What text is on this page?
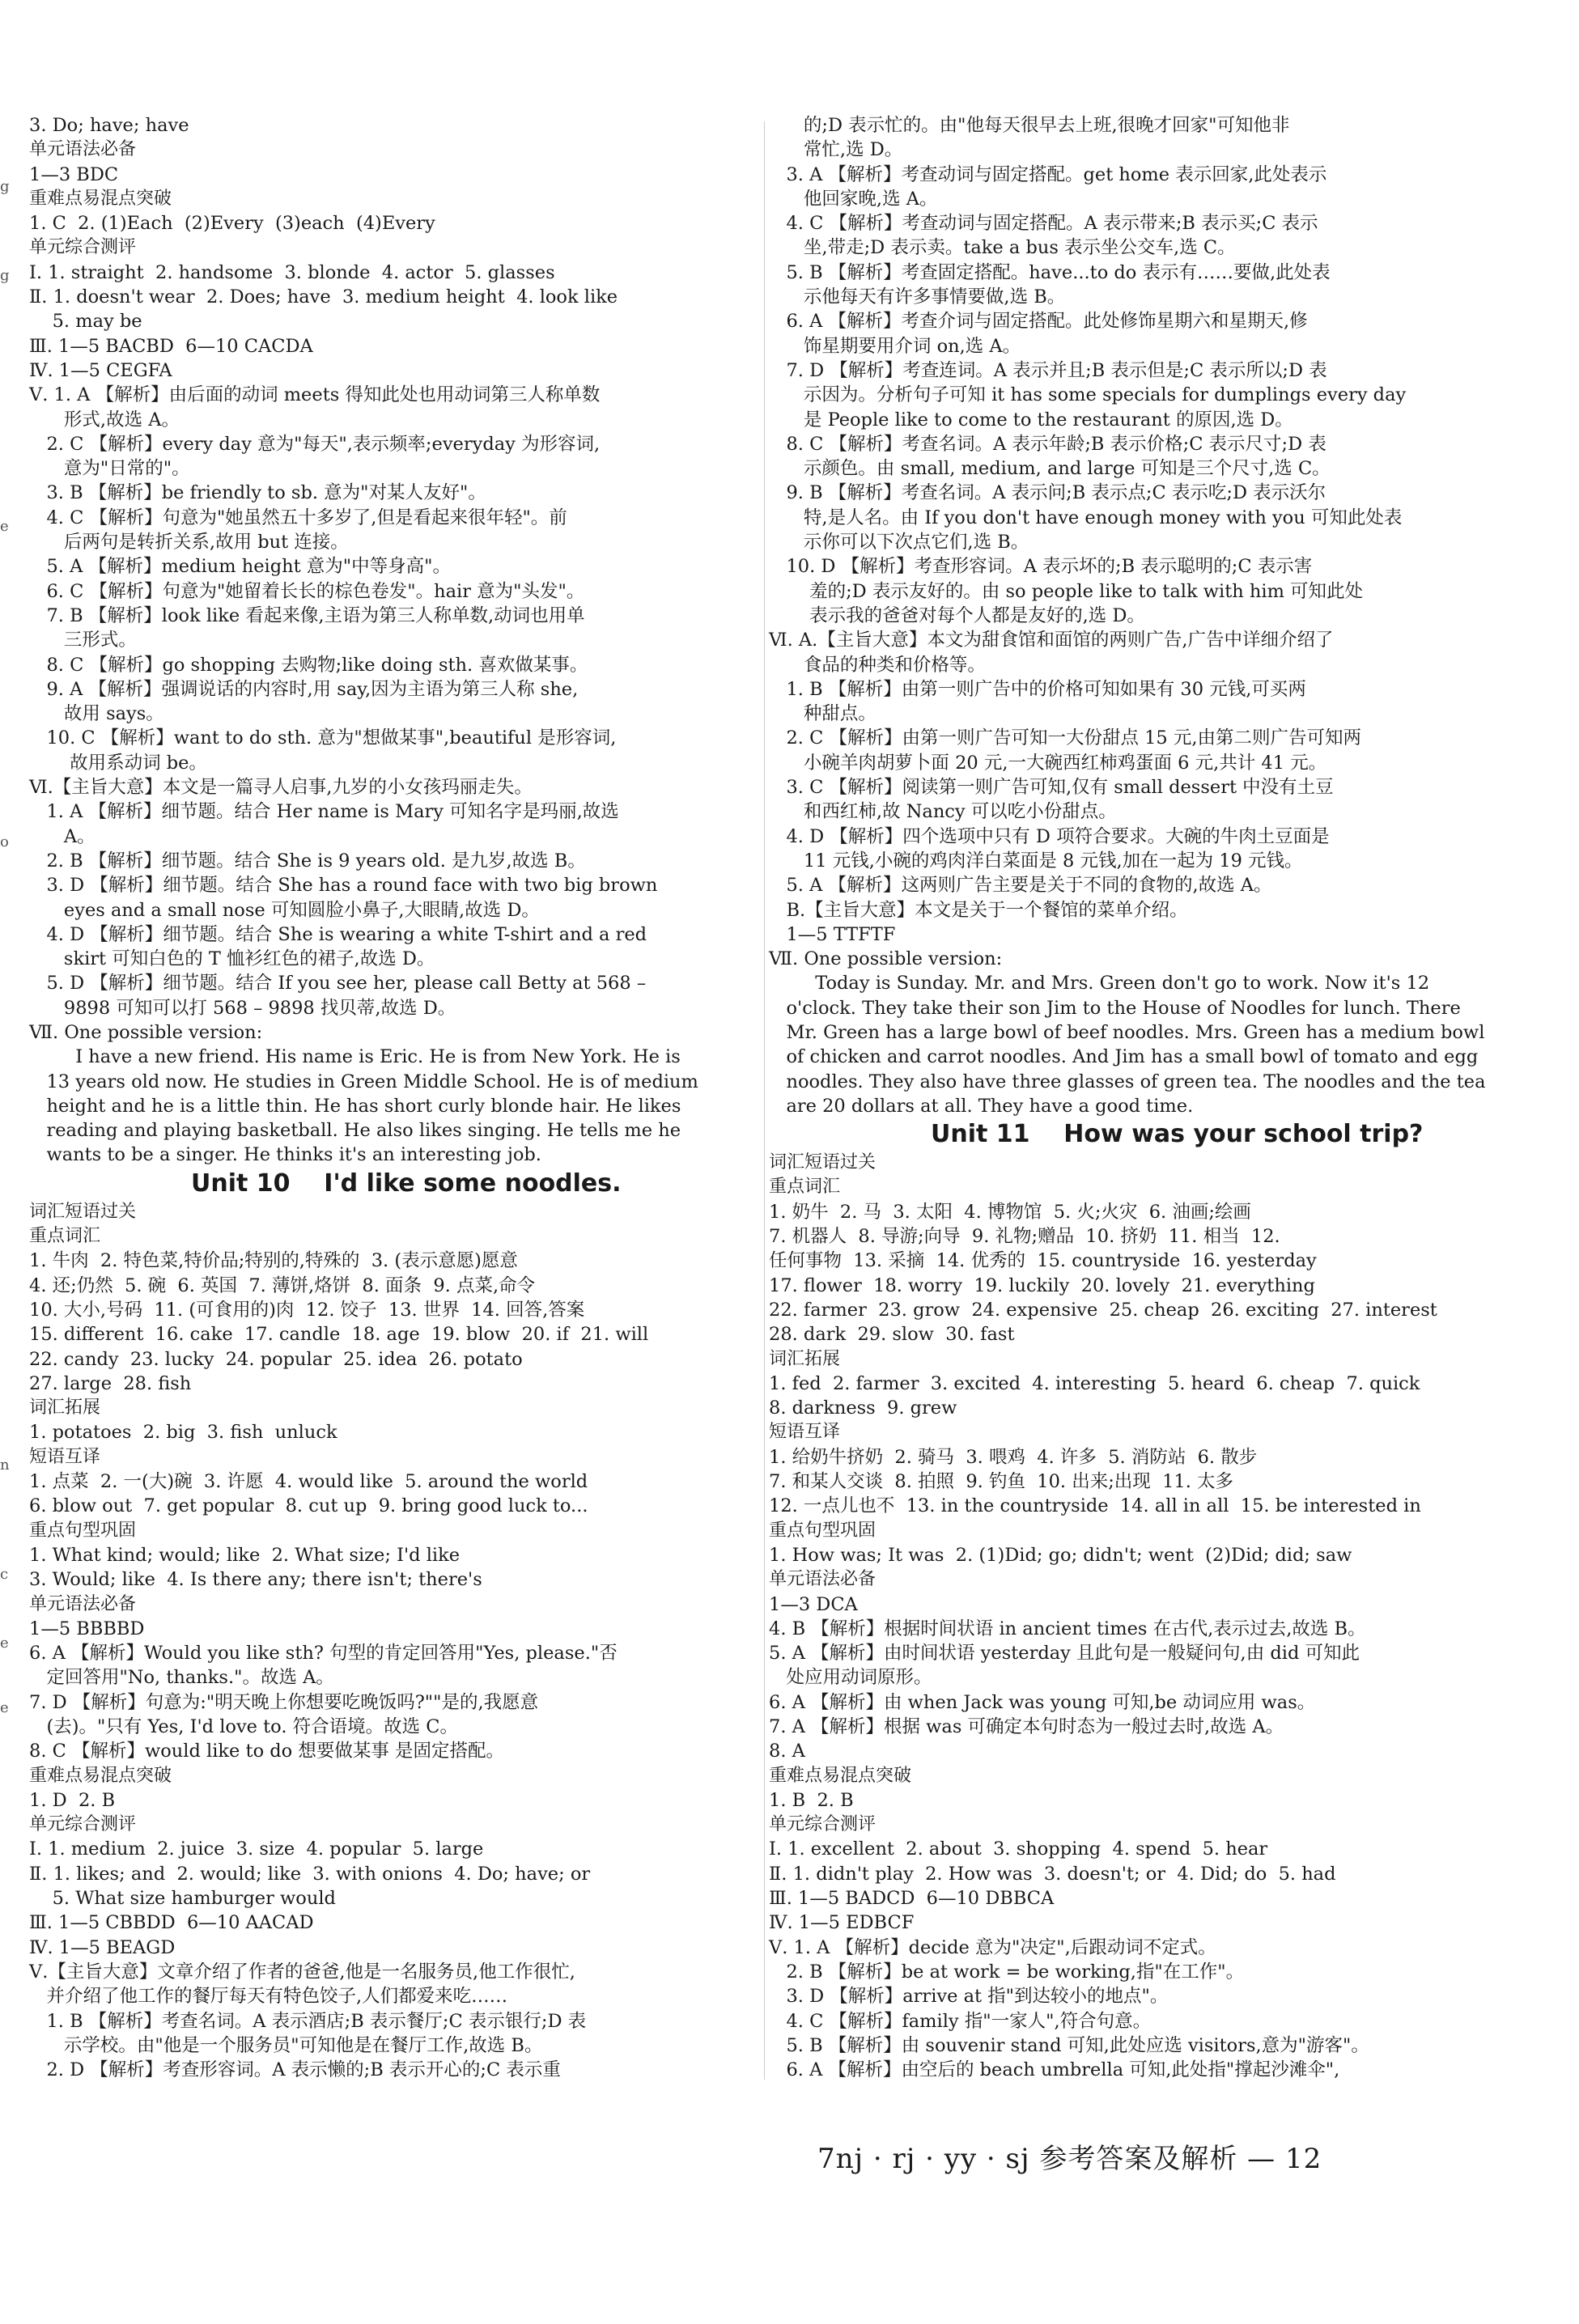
g
g
e
o
n
c
e
e
3. Do; have; have
单元语法必备
1—3 BDC
重难点易混点突破
1. C  2. (1)Each  (2)Every  (3)each  (4)Every
单元综合测评
Ⅰ. 1. straight  2. handsome  3. blonde  4. actor  5. glasses
Ⅱ. 1. doesn't wear  2. Does; have  3. medium height  4. look like
5. may be
Ⅲ. 1—5 BACBD  6—10 CACDA
Ⅳ. 1—5 CEGFA
Ⅴ. 1. A 【解析】由后面的动词 meets 得知此处也用动词第三人称单数
形式,故选 A。
2. C 【解析】every day 意为"每天",表示频率;everyday 为形容词,
意为"日常的"。
3. B 【解析】be friendly to sb. 意为"对某人友好"。
4. C 【解析】句意为"她虽然五十多岁了,但是看起来很年轻"。前
后两句是转折关系,故用 but 连接。
5. A 【解析】medium height 意为"中等身高"。
6. C 【解析】句意为"她留着长长的棕色卷发"。hair 意为"头发"。
7. B 【解析】look like 看起来像,主语为第三人称单数,动词也用单
三形式。
8. C 【解析】go shopping 去购物;like doing sth. 喜欢做某事。
9. A 【解析】强调说话的内容时,用 say,因为主语为第三人称 she,
故用 says。
10. C 【解析】want to do sth. 意为"想做某事",beautiful 是形容词,
故用系动词 be。
Ⅵ.【主旨大意】本文是一篇寻人启事,九岁的小女孩玛丽走失。
1. A 【解析】细节题。结合 Her name is Mary 可知名字是玛丽,故选
A。
2. B 【解析】细节题。结合 She is 9 years old. 是九岁,故选 B。
3. D 【解析】细节题。结合 She has a round face with two big brown
eyes and a small nose 可知圆脸小鼻子,大眼睛,故选 D。
4. D 【解析】细节题。结合 She is wearing a white T-shirt and a red
skirt 可知白色的 T 恤衫红色的裙子,故选 D。
5. D 【解析】细节题。结合 If you see her, please call Betty at 568 –
9898 可知可以打 568 – 9898 找贝蒂,故选 D。
Ⅶ. One possible version:
I have a new friend. His name is Eric. He is from New York. He is
13 years old now. He studies in Green Middle School. He is of medium
height and he is a little thin. He has short curly blonde hair. He likes
reading and playing basketball. He also likes singing. He tells me he
wants to be a singer. He thinks it's an interesting job.
Unit 10    I'd like some noodles.
词汇短语过关
重点词汇
1. 牛肉  2. 特色菜,特价品;特别的,特殊的  3. (表示意愿)愿意
4. 还;仍然  5. 碗  6. 英国  7. 薄饼,烙饼  8. 面条  9. 点菜,命令
10. 大小,号码  11. (可食用的)肉  12. 饺子  13. 世界  14. 回答,答案
15. different  16. cake  17. candle  18. age  19. blow  20. if  21. will
22. candy  23. lucky  24. popular  25. idea  26. potato
27. large  28. fish
词汇拓展
1. potatoes  2. big  3. fish  unluck
短语互译
1. 点菜  2. 一(大)碗  3. 许愿  4. would like  5. around the world
6. blow out  7. get popular  8. cut up  9. bring good luck to...
重点句型巩固
1. What kind; would; like  2. What size; I'd like
3. Would; like  4. Is there any; there isn't; there's
单元语法必备
1—5 BBBBD
6. A 【解析】Would you like sth? 句型的肯定回答用"Yes, please."否
定回答用"No, thanks."。故选 A。
7. D 【解析】句意为:"明天晚上你想要吃晚饭吗?""是的,我愿意
(去)。"只有 Yes, I'd love to. 符合语境。故选 C。
8. C 【解析】would like to do 想要做某事 是固定搭配。
重难点易混点突破
1. D  2. B
单元综合测评
Ⅰ. 1. medium  2. juice  3. size  4. popular  5. large
Ⅱ. 1. likes; and  2. would; like  3. with onions  4. Do; have; or
5. What size hamburger would
Ⅲ. 1—5 CBBDD  6—10 AACAD
Ⅳ. 1—5 BEAGD
Ⅴ.【主旨大意】文章介绍了作者的爸爸,他是一名服务员,他工作很忙,
并介绍了他工作的餐厅每天有特色饺子,人们都爱来吃……
1. B 【解析】考查名词。A 表示酒店;B 表示餐厅;C 表示银行;D 表
示学校。由"他是一个服务员"可知他是在餐厅工作,故选 B。
2. D 【解析】考查形容词。A 表示懒的;B 表示开心的;C 表示重
的;D 表示忙的。由"他每天很早去上班,很晚才回家"可知他非
常忙,选 D。
3. A 【解析】考查动词与固定搭配。get home 表示回家,此处表示
他回家晚,选 A。
4. C 【解析】考查动词与固定搭配。A 表示带来;B 表示买;C 表示
坐,带走;D 表示卖。take a bus 表示坐公交车,选 C。
5. B 【解析】考查固定搭配。have...to do 表示有……要做,此处表
示他每天有许多事情要做,选 B。
6. A 【解析】考查介词与固定搭配。此处修饰星期六和星期天,修
饰星期要用介词 on,选 A。
7. D 【解析】考查连词。A 表示并且;B 表示但是;C 表示所以;D 表
示因为。分析句子可知 it has some specials for dumplings every day
是 People like to come to the restaurant 的原因,选 D。
8. C 【解析】考查名词。A 表示年龄;B 表示价格;C 表示尺寸;D 表
示颜色。由 small, medium, and large 可知是三个尺寸,选 C。
9. B 【解析】考查名词。A 表示问;B 表示点;C 表示吃;D 表示沃尔
特,是人名。由 If you don't have enough money with you 可知此处表
示你可以下次点它们,选 B。
10. D 【解析】考查形容词。A 表示坏的;B 表示聪明的;C 表示害
羞的;D 表示友好的。由 so people like to talk with him 可知此处
表示我的爸爸对每个人都是友好的,选 D。
Ⅵ. A.【主旨大意】本文为甜食馆和面馆的两则广告,广告中详细介绍了
食品的种类和价格等。
1. B 【解析】由第一则广告中的价格可知如果有 30 元钱,可买两
种甜点。
2. C 【解析】由第一则广告可知一大份甜点 15 元,由第二则广告可知两
小碗羊肉胡萝卜面 20 元,一大碗西红柿鸡蛋面 6 元,共计 41 元。
3. C 【解析】阅读第一则广告可知,仅有 small dessert 中没有土豆
和西红柿,故 Nancy 可以吃小份甜点。
4. D 【解析】四个选项中只有 D 项符合要求。大碗的牛肉土豆面是
11 元钱,小碗的鸡肉洋白菜面是 8 元钱,加在一起为 19 元钱。
5. A 【解析】这两则广告主要是关于不同的食物的,故选 A。
B.【主旨大意】本文是关于一个餐馆的菜单介绍。
1—5 TTFTF
Ⅶ. One possible version:
Today is Sunday. Mr. and Mrs. Green don't go to work. Now it's 12
o'clock. They take their son Jim to the House of Noodles for lunch. There
Mr. Green has a large bowl of beef noodles. Mrs. Green has a medium bowl
of chicken and carrot noodles. And Jim has a small bowl of tomato and egg
noodles. They also have three glasses of green tea. The noodles and the tea
are 20 dollars at all. They have a good time.
Unit 11    How was your school trip?
词汇短语过关
重点词汇
1. 奶牛  2. 马  3. 太阳  4. 博物馆  5. 火;火灾  6. 油画;绘画
7. 机器人  8. 导游;向导  9. 礼物;赠品  10. 挤奶  11. 相当  12.
任何事物  13. 采摘  14. 优秀的  15. countryside  16. yesterday
17. flower  18. worry  19. luckily  20. lovely  21. everything
22. farmer  23. grow  24. expensive  25. cheap  26. exciting  27. interest
28. dark  29. slow  30. fast
词汇拓展
1. fed  2. farmer  3. excited  4. interesting  5. heard  6. cheap  7. quick
8. darkness  9. grew
短语互译
1. 给奶牛挤奶  2. 骑马  3. 喂鸡  4. 许多  5. 消防站  6. 散步
7. 和某人交谈  8. 拍照  9. 钓鱼  10. 出来;出现  11. 太多
12. 一点儿也不  13. in the countryside  14. all in all  15. be interested in
重点句型巩固
1. How was; It was  2. (1)Did; go; didn't; went  (2)Did; did; saw
单元语法必备
1—3 DCA
4. B 【解析】根据时间状语 in ancient times 在古代,表示过去,故选 B。
5. A 【解析】由时间状语 yesterday 且此句是一般疑问句,由 did 可知此
处应用动词原形。
6. A 【解析】由 when Jack was young 可知,be 动词应用 was。
7. A 【解析】根据 was 可确定本句时态为一般过去时,故选 A。
8. A
重难点易混点突破
1. B  2. B
单元综合测评
Ⅰ. 1. excellent  2. about  3. shopping  4. spend  5. hear
Ⅱ. 1. didn't play  2. How was  3. doesn't; or  4. Did; do  5. had
Ⅲ. 1—5 BADCD  6—10 DBBCA
Ⅳ. 1—5 EDBCF
Ⅴ. 1. A 【解析】decide 意为"决定",后跟动词不定式。
2. B 【解析】be at work = be working,指"在工作"。
3. D 【解析】arrive at 指"到达较小的地点"。
4. C 【解析】family 指"一家人",符合句意。
5. B 【解析】由 souvenir stand 可知,此处应选 visitors,意为"游客"。
6. A 【解析】由空后的 beach umbrella 可知,此处指"撑起沙滩伞",
7nj · rj · yy · sj 参考答案及解析 — 12
